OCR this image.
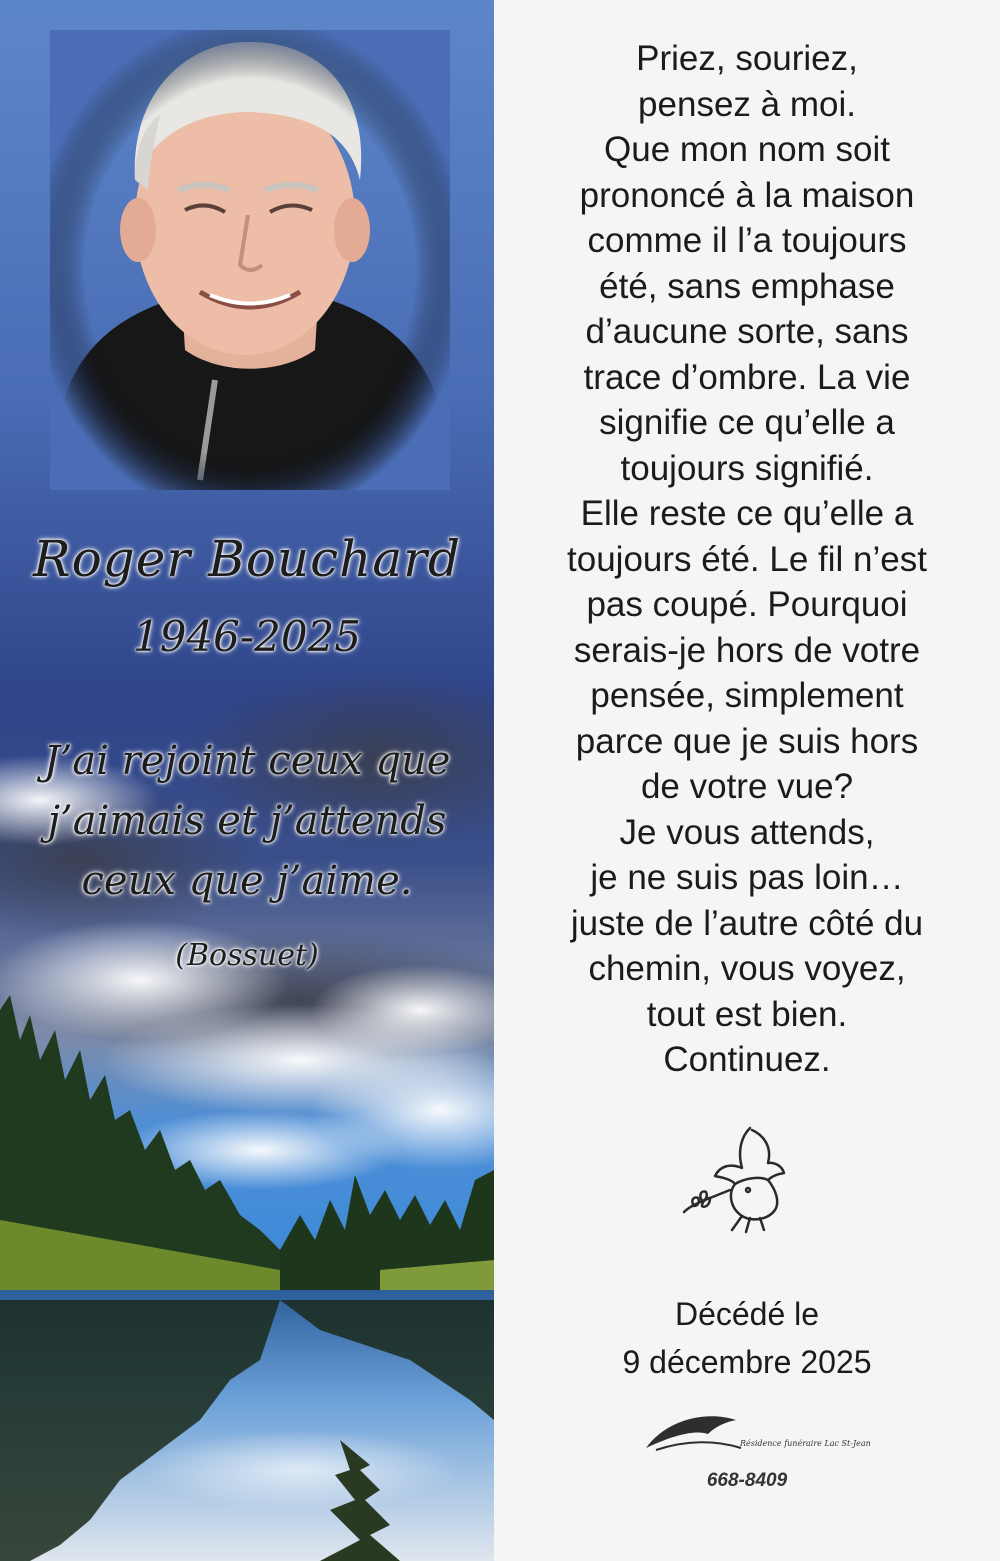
Roger Bouchard
1946-2025
J’ai rejoint ceux que
j’aimais et j’attends
ceux que j’aime.
(Bossuet)
Priez, souriez,
pensez à moi.
Que mon nom soit
prononcé à la maison
comme il l’a toujours
été, sans emphase
d’aucune sorte, sans
trace d’ombre. La vie
signifie ce qu’elle a
toujours signifié.
Elle reste ce qu’elle a
toujours été. Le fil n’est
pas coupé. Pourquoi
serais-je hors de votre
pensée, simplement
parce que je suis hors
de votre vue?
Je vous attends,
je ne suis pas loin…
juste de l’autre côté du
chemin, vous voyez,
tout est bien.
Continuez.
Décédé le
9 décembre 2025
Résidence funéraire Lac St-Jean
668-8409
